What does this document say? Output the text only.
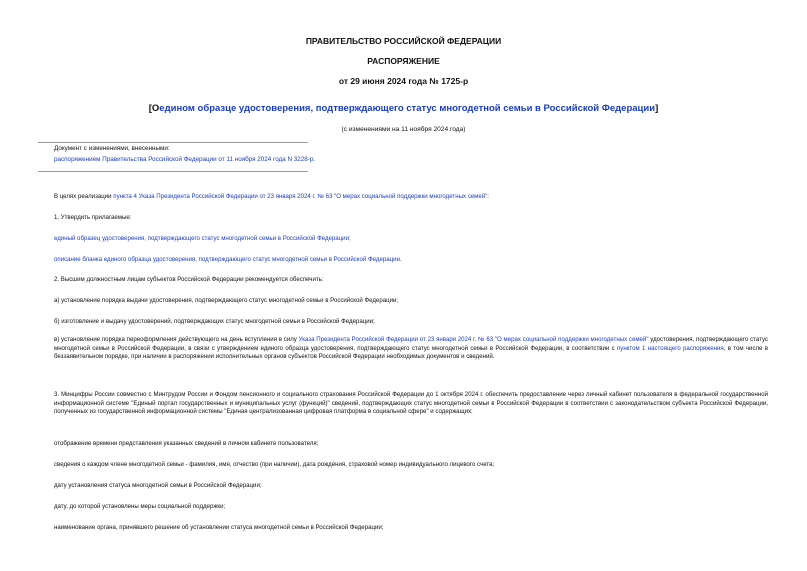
ПРАВИТЕЛЬСТВО РОССИЙСКОЙ ФЕДЕРАЦИИ
РАСПОРЯЖЕНИЕ
от 29 июня 2024 года № 1725-р
[Оедином образце удостоверения, подтверждающего статус многодетной семьи в Российской Федерации]
(с изменениями на 11 ноября 2024 года)
Документ с изменениями, внесенными:
распоряжением Правительства Российской Федерации от 11 ноября 2024 года N 3228-р.
В целях реализации пункта 4 Указа Президента Российской Федерации от 23 января 2024 г. № 63 "О мерах социальной поддержки многодетных семей":
1. Утвердить прилагаемые:
единый образец удостоверения, подтверждающего статус многодетной семьи в Российской Федерации;
описание бланка единого образца удостоверения, подтверждающего статус многодетной семьи в Российской Федерации.
2. Высшим должностным лицам субъектов Российской Федерации рекомендуется обеспечить:
а) установление порядка выдачи удостоверения, подтверждающего статус многодетной семьи в Российской Федерации;
б) изготовление и выдачу удостоверений, подтверждающих статус многодетной семьи в Российской Федерации;
в) установление порядка переоформления действующего на день вступления в силу Указа Президента Российской Федерации от 23 января 2024 г. № 63 "О мерах социальной поддержки многодетных семей" удостоверения, подтверждающего статус многодетной семьи в Российской Федерации, в связи с утверждением единого образца удостоверения, подтверждающего статус многодетной семьи в Российской Федерации, в соответствии с пунктом 1 настоящего распоряжения, в том числе в беззаявительном порядке, при наличии в распоряжении исполнительных органов субъектов Российской Федерации необходимых документов и сведений.
3. Минцифры России совместно с Минтрудом России и Фондом пенсионного и социального страхования Российской Федерации до 1 октября 2024 г. обеспечить предоставление через личный кабинет пользователя в федеральной государственной информационной системе "Единый портал государственных и муниципальных услуг (функций)" сведений, подтверждающих статус многодетной семьи в Российской Федерации в соответствии с законодательством субъекта Российской Федерации, полученных из государственной информационной системы "Единая централизованная цифровая платформа в социальной сфере" и содержащих:
отображение времени представления указанных сведений в личном кабинете пользователя;
сведения о каждом члене многодетной семьи - фамилия, имя, отчество (при наличии), дата рождения, страховой номер индивидуального лицевого счета;
дату установления статуса многодетной семьи в Российской Федерации;
дату, до которой установлены меры социальной поддержки;
наименование органа, принявшего решение об установлении статуса многодетной семьи в Российской Федерации;
